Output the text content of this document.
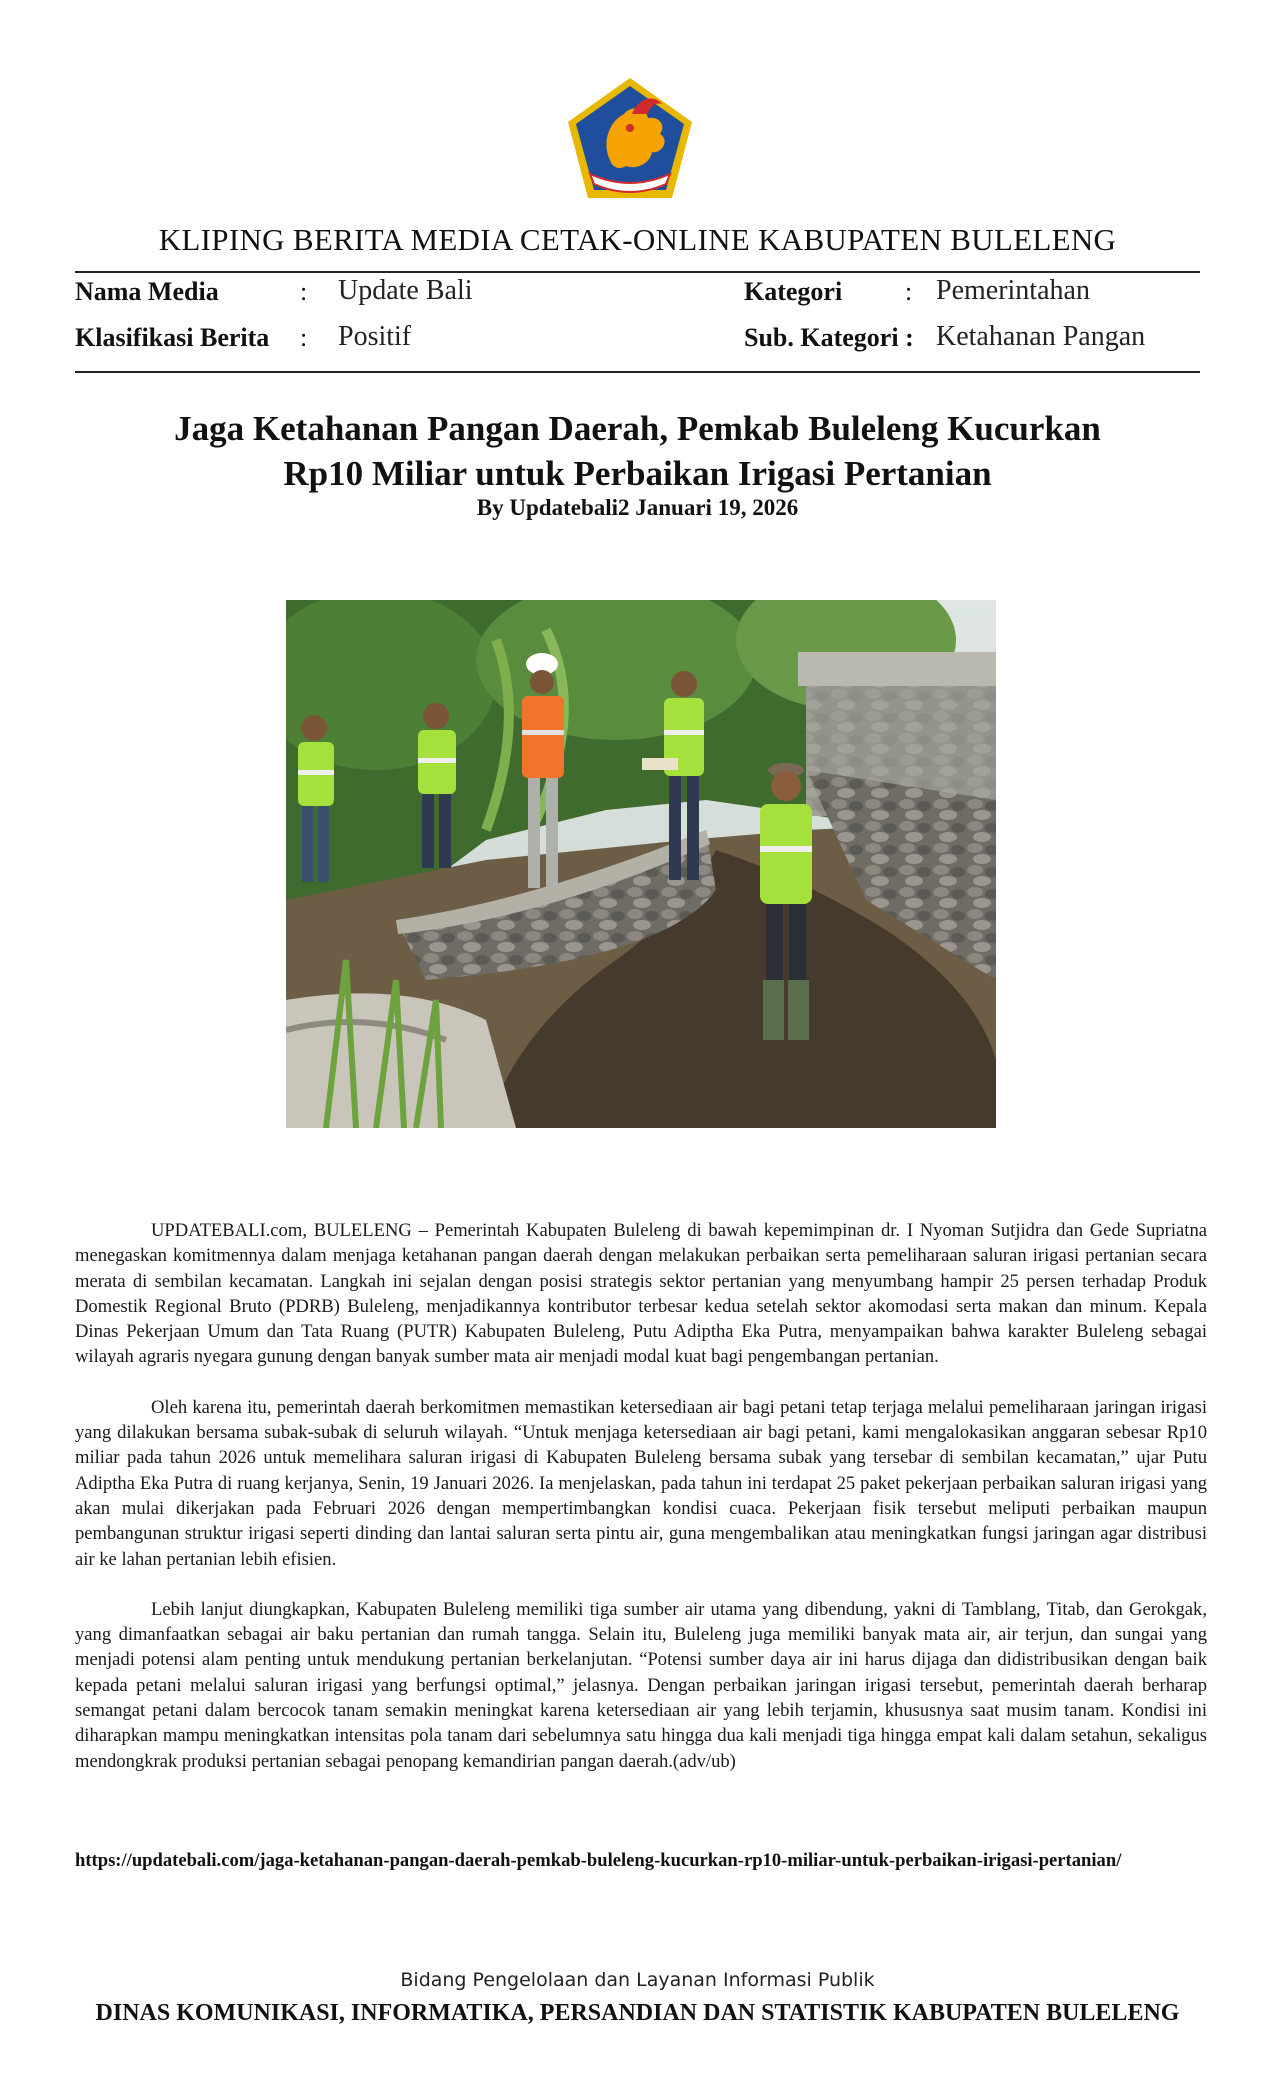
KLIPING BERITA MEDIA CETAK-ONLINE KABUPATEN BULELENG
Nama Media	: Update Bali	Kategori : Pemerintahan
Klasifikasi Berita : Positif	Sub. Kategori : Ketahanan Pangan
Jaga Ketahanan Pangan Daerah, Pemkab Buleleng Kucurkan
Rp10 Miliar untuk Perbaikan Irigasi Pertanian
By Updatebali2 Januari 19, 2026

UPDATEBALI.com, BULELENG – Pemerintah Kabupaten Buleleng di bawah kepemimpinan dr. I Nyoman Sutjidra dan Gede Supriatna menegaskan komitmennya dalam menjaga ketahanan pangan daerah dengan melakukan perbaikan serta pemeliharaan saluran irigasi pertanian secara merata di sembilan kecamatan. Langkah ini sejalan dengan posisi strategis sektor pertanian yang menyumbang hampir 25 persen terhadap Produk Domestik Regional Bruto (PDRB) Buleleng, menjadikannya kontributor terbesar kedua setelah sektor akomodasi serta makan dan minum. Kepala Dinas Pekerjaan Umum dan Tata Ruang (PUTR) Kabupaten Buleleng, Putu Adiptha Eka Putra, menyampaikan bahwa karakter Buleleng sebagai wilayah agraris nyegara gunung dengan banyak sumber mata air menjadi modal kuat bagi pengembangan pertanian.

Oleh karena itu, pemerintah daerah berkomitmen memastikan ketersediaan air bagi petani tetap terjaga melalui pemeliharaan jaringan irigasi yang dilakukan bersama subak-subak di seluruh wilayah. “Untuk menjaga ketersediaan air bagi petani, kami mengalokasikan anggaran sebesar Rp10 miliar pada tahun 2026 untuk memelihara saluran irigasi di Kabupaten Buleleng bersama subak yang tersebar di sembilan kecamatan,” ujar Putu Adiptha Eka Putra di ruang kerjanya, Senin, 19 Januari 2026. Ia menjelaskan, pada tahun ini terdapat 25 paket pekerjaan perbaikan saluran irigasi yang akan mulai dikerjakan pada Februari 2026 dengan mempertimbangkan kondisi cuaca. Pekerjaan fisik tersebut meliputi perbaikan maupun pembangunan struktur irigasi seperti dinding dan lantai saluran serta pintu air, guna mengembalikan atau meningkatkan fungsi jaringan agar distribusi air ke lahan pertanian lebih efisien.

Lebih lanjut diungkapkan, Kabupaten Buleleng memiliki tiga sumber air utama yang dibendung, yakni di Tamblang, Titab, dan Gerokgak, yang dimanfaatkan sebagai air baku pertanian dan rumah tangga. Selain itu, Buleleng juga memiliki banyak mata air, air terjun, dan sungai yang menjadi potensi alam penting untuk mendukung pertanian berkelanjutan. “Potensi sumber daya air ini harus dijaga dan didistribusikan dengan baik kepada petani melalui saluran irigasi yang berfungsi optimal,” jelasnya. Dengan perbaikan jaringan irigasi tersebut, pemerintah daerah berharap semangat petani dalam bercocok tanam semakin meningkat karena ketersediaan air yang lebih terjamin, khususnya saat musim tanam. Kondisi ini diharapkan mampu meningkatkan intensitas pola tanam dari sebelumnya satu hingga dua kali menjadi tiga hingga empat kali dalam setahun, sekaligus mendongkrak produksi pertanian sebagai penopang kemandirian pangan daerah.(adv/ub)

https://updatebali.com/jaga-ketahanan-pangan-daerah-pemkab-buleleng-kucurkan-rp10-miliar-untuk-perbaikan-irigasi-pertanian/
Bidang Pengelolaan dan Layanan Informasi Publik
DINAS KOMUNIKASI, INFORMATIKA, PERSANDIAN DAN STATISTIK KABUPATEN BULELENG
